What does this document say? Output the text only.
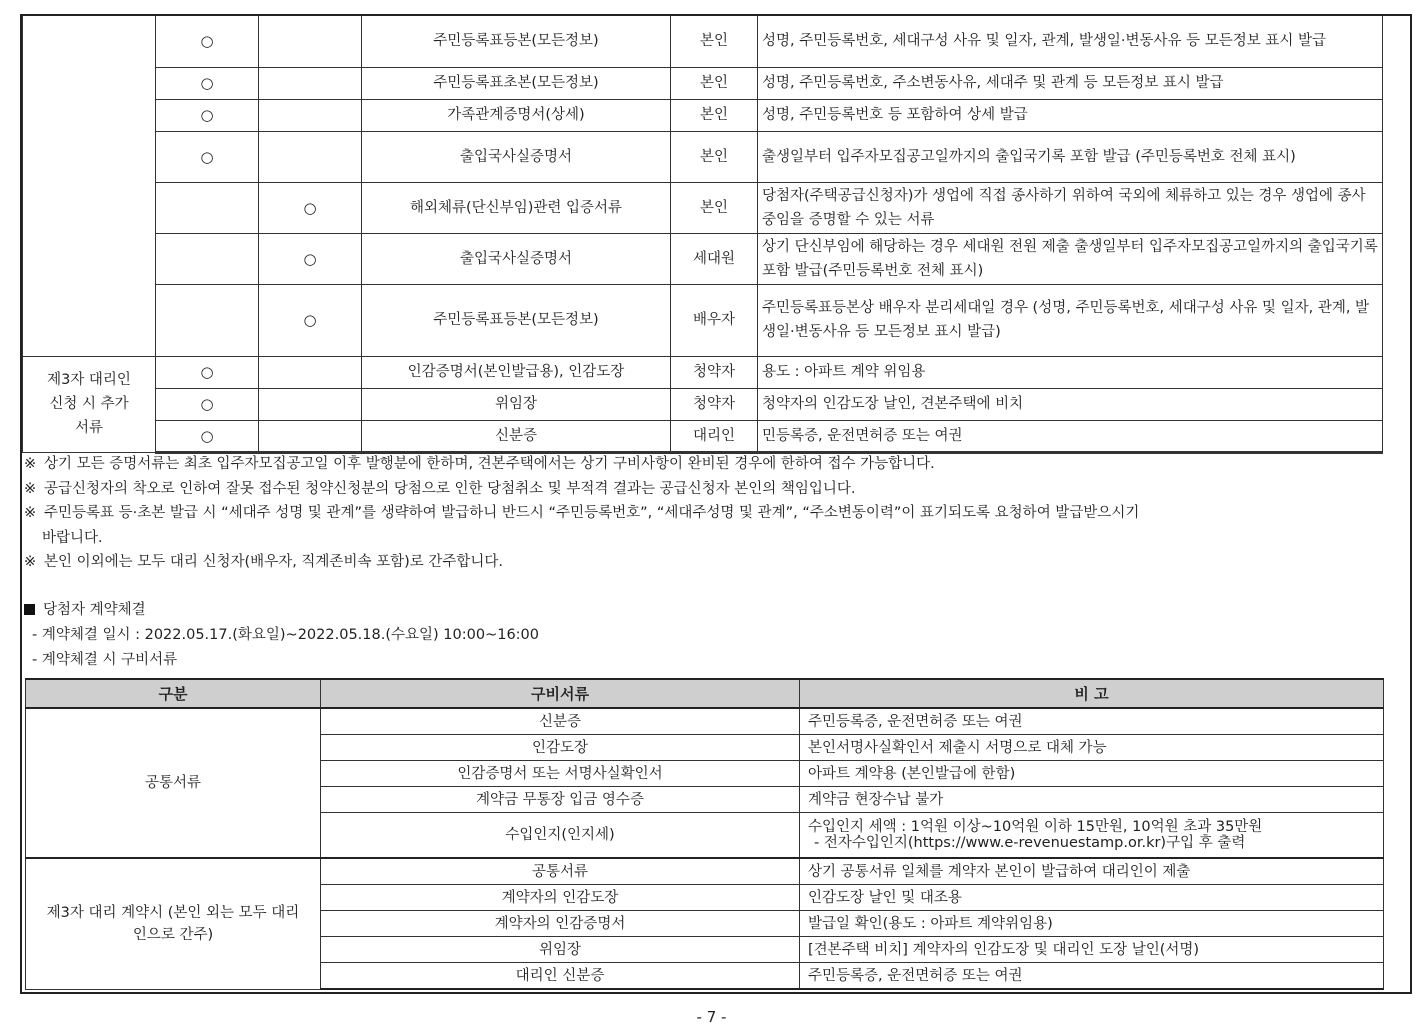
	○		주민등록표등본(모든정보)	본인	성명, 주민등록번호, 세대구성 사유 및 일자, 관계, 발생일·변동사유 등 모든정보 표시 발급
	○		주민등록표초본(모든정보)	본인	성명, 주민등록번호, 주소변동사유, 세대주 및 관계 등 모든정보 표시 발급
	○		가족관계증명서(상세)	본인	성명, 주민등록번호 등 포함하여 상세 발급
	○		출입국사실증명서	본인	출생일부터 입주자모집공고일까지의 출입국기록 포함 발급 (주민등록번호 전체 표시)
		○	해외체류(단신부임)관련 입증서류	본인	당첨자(주택공급신청자)가 생업에 직접 종사하기 위하여 국외에 체류하고 있는 경우 생업에 종사 중임을 증명할 수 있는 서류
		○	출입국사실증명서	세대원	상기 단신부임에 해당하는 경우 세대원 전원 제출 출생일부터 입주자모집공고일까지의 출입국기록 포함 발급(주민등록번호 전체 표시)
		○	주민등록표등본(모든정보)	배우자	주민등록표등본상 배우자 분리세대일 경우 (성명, 주민등록번호, 세대구성 사유 및 일자, 관계, 발생일·변동사유 등 모든정보 표시 발급)
제3자 대리인 신청 시 추가서류	○		인감증명서(본인발급용), 인감도장	청약자	용도 : 아파트 계약 위임용
	○		위임장	청약자	청약자의 인감도장 날인, 견본주택에 비치
	○		신분증	대리인	민등록증, 운전면허증 또는 여권

※ 상기 모든 증명서류는 최초 입주자모집공고일 이후 발행분에 한하며, 견본주택에서는 상기 구비사항이 완비된 경우에 한하여 접수 가능합니다.

※ 공급신청자의 착오로 인하여 잘못 접수된 청약신청분의 당첨으로 인한 당첨취소 및 부적격 결과는 공급신청자 본인의 책임입니다.

※ 주민등록표 등·초본 발급 시 “세대주 성명 및 관계”를 생략하여 발급하니 반드시 “주민등록번호”, “세대주성명 및 관계”, “주소변동이력”이 표기되도록 요청하여 발급받으시기

바랍니다.

※ 본인 이외에는 모두 대리 신청자(배우자, 직계존비속 포함)로 간주합니다.

당첨자 계약체결
- 계약체결 일시 : 2022.05.17.(화요일)~2022.05.18.(수요일) 10:00~16:00
- 계약체결 시 구비서류
구분	구비서류	비 고
공통서류	신분증	주민등록증, 운전면허증 또는 여권
	인감도장	본인서명사실확인서 제출시 서명으로 대체 가능
	인감증명서 또는 서명사실확인서	아파트 계약용 (본인발급에 한함)
	계약금 무통장 입금 영수증	계약금 현장수납 불가
	수입인지(인지세)	수입인지 세액 : 1억원 이상~10억원 이하 15만원, 10억원 초과 35만원
- 전자수입인지(https://www.e-revenuestamp.or.kr)구입 후 출력

제3자 대리 계약시 (본인 외는 모두 대리인으로 간주)	공통서류	상기 공통서류 일체를 계약자 본인이 발급하여 대리인이 제출
	계약자의 인감도장	인감도장 날인 및 대조용
	계약자의 인감증명서	발급일 확인(용도 : 아파트 계약위임용)
	위임장	[견본주택 비치] 계약자의 인감도장 및 대리인 도장 날인(서명)
	대리인 신분증	주민등록증, 운전면허증 또는 여권
- 7 -
